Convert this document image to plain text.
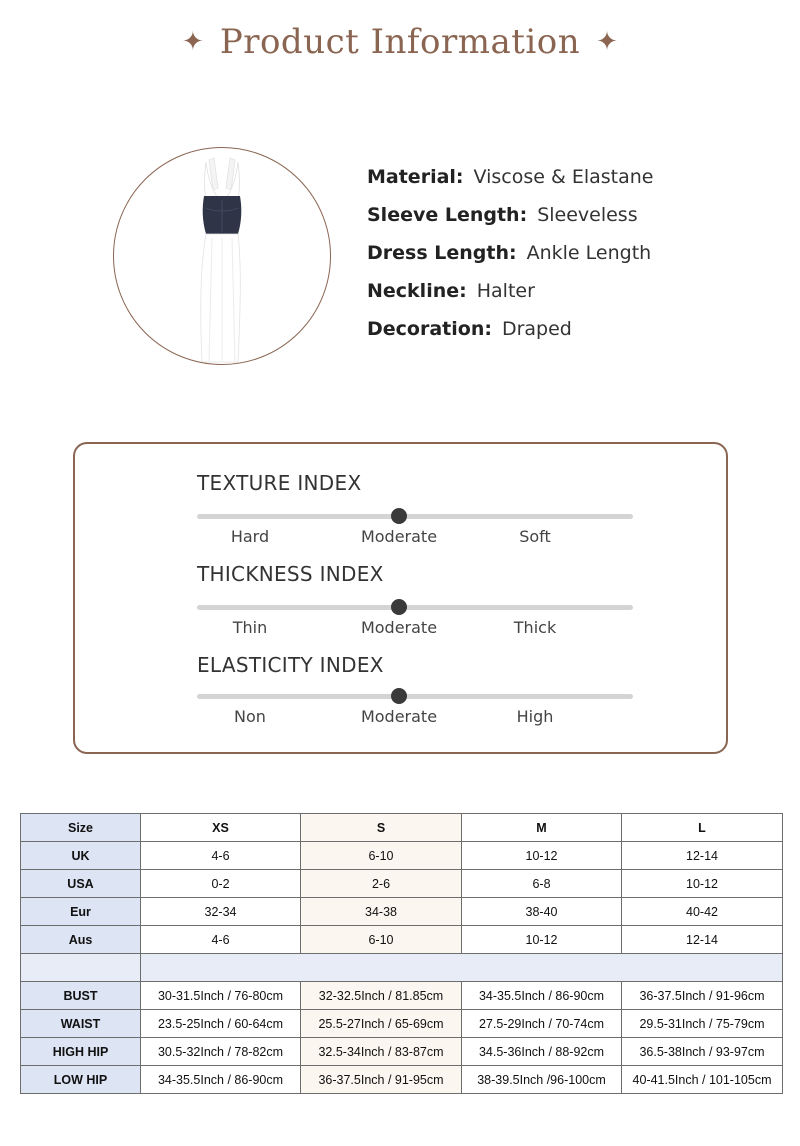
✦ Product Information ✦
Material: Viscose & Elastane
Sleeve Length: Sleeveless
Dress Length: Ankle Length
Neckline: Halter
Decoration: Draped
TEXTURE INDEX
Hard	Moderate	Soft
THICKNESS INDEX
Thin	Moderate	Thick
ELASTICITY INDEX
Non	Moderate	High
Size	XS	S	M	L
UK	4-6	6-10	10-12	12-14
USA	0-2	2-6	6-8	10-12
Eur	32-34	34-38	38-40	40-42
Aus	4-6	6-10	10-12	12-14

BUST	30-31.5Inch / 76-80cm	32-32.5Inch / 81.85cm	34-35.5Inch / 86-90cm	36-37.5Inch / 91-96cm
WAIST	23.5-25Inch / 60-64cm	25.5-27Inch / 65-69cm	27.5-29Inch / 70-74cm	29.5-31Inch / 75-79cm
HIGH HIP	30.5-32Inch / 78-82cm	32.5-34Inch / 83-87cm	34.5-36Inch / 88-92cm	36.5-38Inch / 93-97cm
LOW HIP	34-35.5Inch / 86-90cm	36-37.5Inch / 91-95cm	38-39.5Inch /96-100cm	40-41.5Inch / 101-105cm
